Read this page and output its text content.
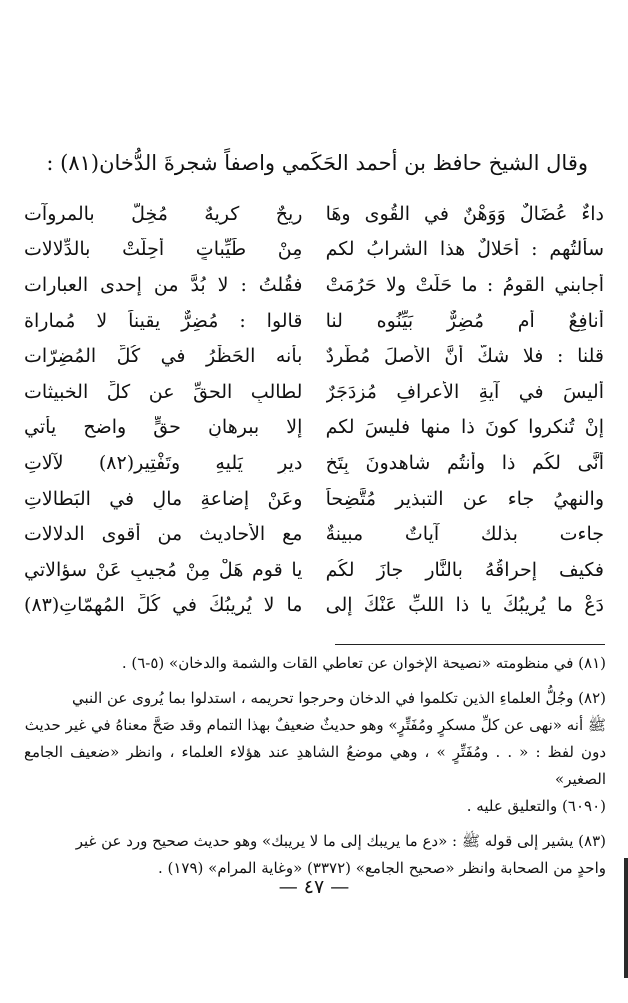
وقال الشيخ حافظ بن أحمد الحَكَمي واصفاً شجرةَ الدُّخان(٨١) :
داءٌ عُضَالٌ وَوَهْنٌ في القُوى وهَا
ريحٌ كريهٌ مُخِلٌّ بالمروآت
سألتُهم : أحَلالٌ هذا الشرابُ لكم
مِنْ طَيِّباتٍ أُحِلَّتْ بالدِّلالات
أجابني القومُ : ما حَلَّتْ ولا حَرُمَتْ
فقُلتُ : لا بُدَّ من إحدى العبارات
أنافِعٌ أم مُضِرٌّ بَيِّنُوه لنا
قالوا : مُضِرٌّ يقيناً لا مُماراة
قلنا : فلا شكَّ أنَّ الأصلَ مُطَّرِدٌ
بأنه الحَظْرُ في كُلِّ المُضِرّات
أليسَ في آيةِ الأعرافِ مُزدَجَرٌ
لطالبِ الحقِّ عن كلِّ الخبيثات
إنْ تُنكروا كونَ ذا منها فليسَ لكم
إلا ببرهانِ حقٍّ واضحٍ يأتي
أنَّى لكُم ذا وأنتُم شاهدونَ بِتَخٍ
ديرٍ يَليهِ وتَفْتِيرٍ(٨٢) لآلاتِ
والنهيُ جاء عن التبذيرِ مُتَّضِحاً
وعَنْ إضاعةِ مالٍ في البَطالاتِ
جاءت بذلك آياتٌ مبينةٌ
مع الأحاديث من أقوى الدلالات
فكيف إحراقُهُ بالنَّارِ جازَ لكُم
يا قومِ هَلْ مِنْ مُجيبٍ عَنْ سؤالاتي
دَعْ ما يُريبُكَ يا ذا اللبِّ عَنْكَ إلى
ما لا يُريبُكَ في كُلِّ المُهِمّاتِ(٨٣)

(٨١) في منظومته «نصيحة الإخوان عن تعاطي القات والشمة والدخان» (٥-٦) .

(٨٢) وجُلُّ العلماءِ الذين تكلموا في الدخان وحرجوا تحريمه ، استدلوا بما يُروى عن النبي

ﷺ أنه «نهى عن كلِّ مسكرٍ ومُفَتِّرٍ» وهو حديثٌ ضعيفٌ بهذا التمام وقد صَحَّ معناهُ في غير حديث

دون لفظ : « . . ومُفَتِّرٍ » ، وهي موضعُ الشاهدِ عند هؤلاء العلماء ، وانظر «ضعيف الجامع الصغير»

(٦٠٩٠) والتعليق عليه .

(٨٣) يشير إلى قوله ﷺ : «دع ما يريبك إلى ما لا يريبك» وهو حديث صحيح ورد عن غير

واحدٍ من الصحابة وانظر «صحيح الجامع» (٣٣٧٢) «وغاية المرام» (١٧٩) .

— ٤٧ —
